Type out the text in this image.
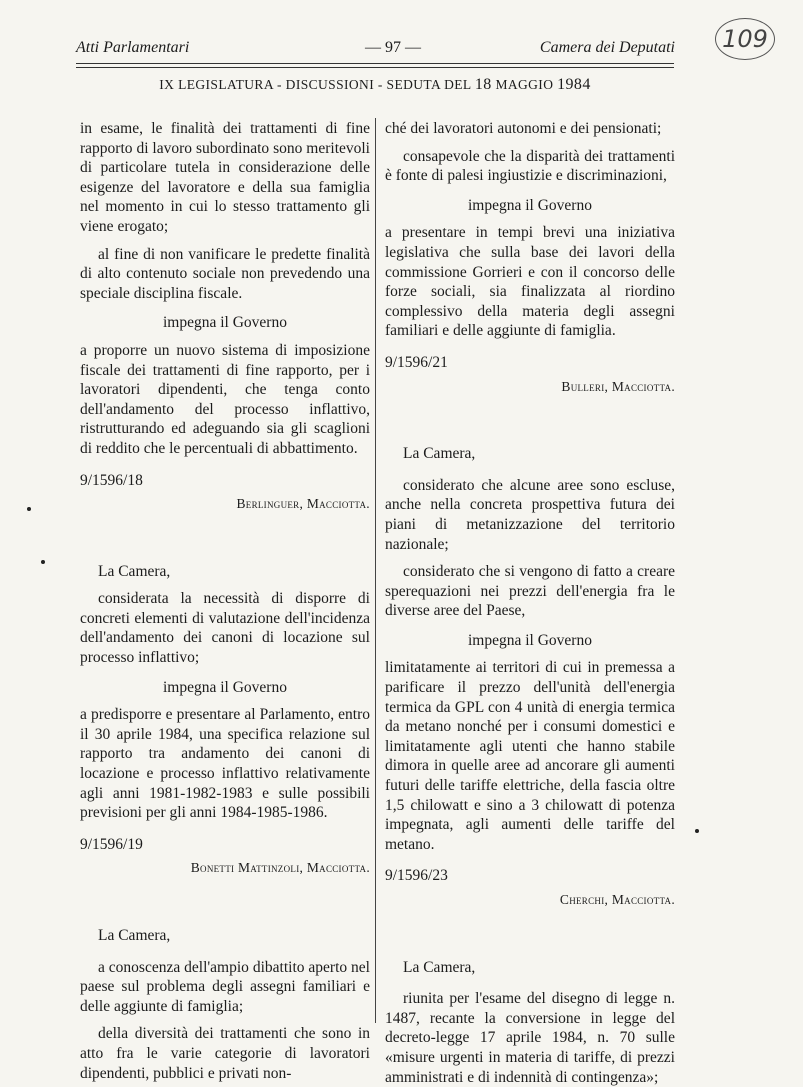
Atti Parlamentari	— 97 —	Camera dei Deputati 109
IX LEGISLATURA - DISCUSSIONI - SEDUTA DEL 18 MAGGIO 1984

in esame, le finalità dei trattamenti di fine rapporto di lavoro subordinato sono meritevoli di particolare tutela in considerazione delle esigenze del lavoratore e della sua famiglia nel momento in cui lo stesso trattamento gli viene erogato;

al fine di non vanificare le predette finalità di alto contenuto sociale non prevedendo una speciale disciplina fiscale.

impegna il Governo

a proporre un nuovo sistema di imposizione fiscale dei trattamenti di fine rapporto, per i lavoratori dipendenti, che tenga conto dell'andamento del processo inflattivo, ristrutturando ed adeguando sia gli scaglioni di reddito che le percentuali di abbattimento.

9/1596/18

Berlinguer, Macciotta.

La Camera,

considerata la necessità di disporre di concreti elementi di valutazione dell'incidenza dell'andamento dei canoni di locazione sul processo inflattivo;

impegna il Governo

a predisporre e presentare al Parlamento, entro il 30 aprile 1984, una specifica relazione sul rapporto tra andamento dei canoni di locazione e processo inflattivo relativamente agli anni 1981-1982-1983 e sulle possibili previsioni per gli anni 1984-1985-1986.

9/1596/19

Bonetti Mattinzoli, Macciotta.

La Camera,

a conoscenza dell'ampio dibattito aperto nel paese sul problema degli assegni familiari e delle aggiunte di famiglia;

della diversità dei trattamenti che sono in atto fra le varie categorie di lavoratori dipendenti, pubblici e privati non-

ché dei lavoratori autonomi e dei pensionati;

consapevole che la disparità dei trattamenti è fonte di palesi ingiustizie e discriminazioni,

impegna il Governo

a presentare in tempi brevi una iniziativa legislativa che sulla base dei lavori della commissione Gorrieri e con il concorso delle forze sociali, sia finalizzata al riordino complessivo della materia degli assegni familiari e delle aggiunte di famiglia.

9/1596/21

Bulleri, Macciotta.

La Camera,

considerato che alcune aree sono escluse, anche nella concreta prospettiva futura dei piani di metanizzazione del territorio nazionale;

considerato che si vengono di fatto a creare sperequazioni nei prezzi dell'energia fra le diverse aree del Paese,

impegna il Governo

limitatamente ai territori di cui in premessa a parificare il prezzo dell'unità dell'energia termica da GPL con 4 unità di energia termica da metano nonché per i consumi domestici e limitatamente agli utenti che hanno stabile dimora in quelle aree ad ancorare gli aumenti futuri delle tariffe elettriche, della fascia oltre 1,5 chilowatt e sino a 3 chilowatt di potenza impegnata, agli aumenti delle tariffe del metano.

9/1596/23

Cherchi, Macciotta.

La Camera,

riunita per l'esame del disegno di legge n. 1487, recante la conversione in legge del decreto-legge 17 aprile 1984, n. 70 sulle «misure urgenti in materia di tariffe, di prezzi amministrati e di indennità di contingenza»;
